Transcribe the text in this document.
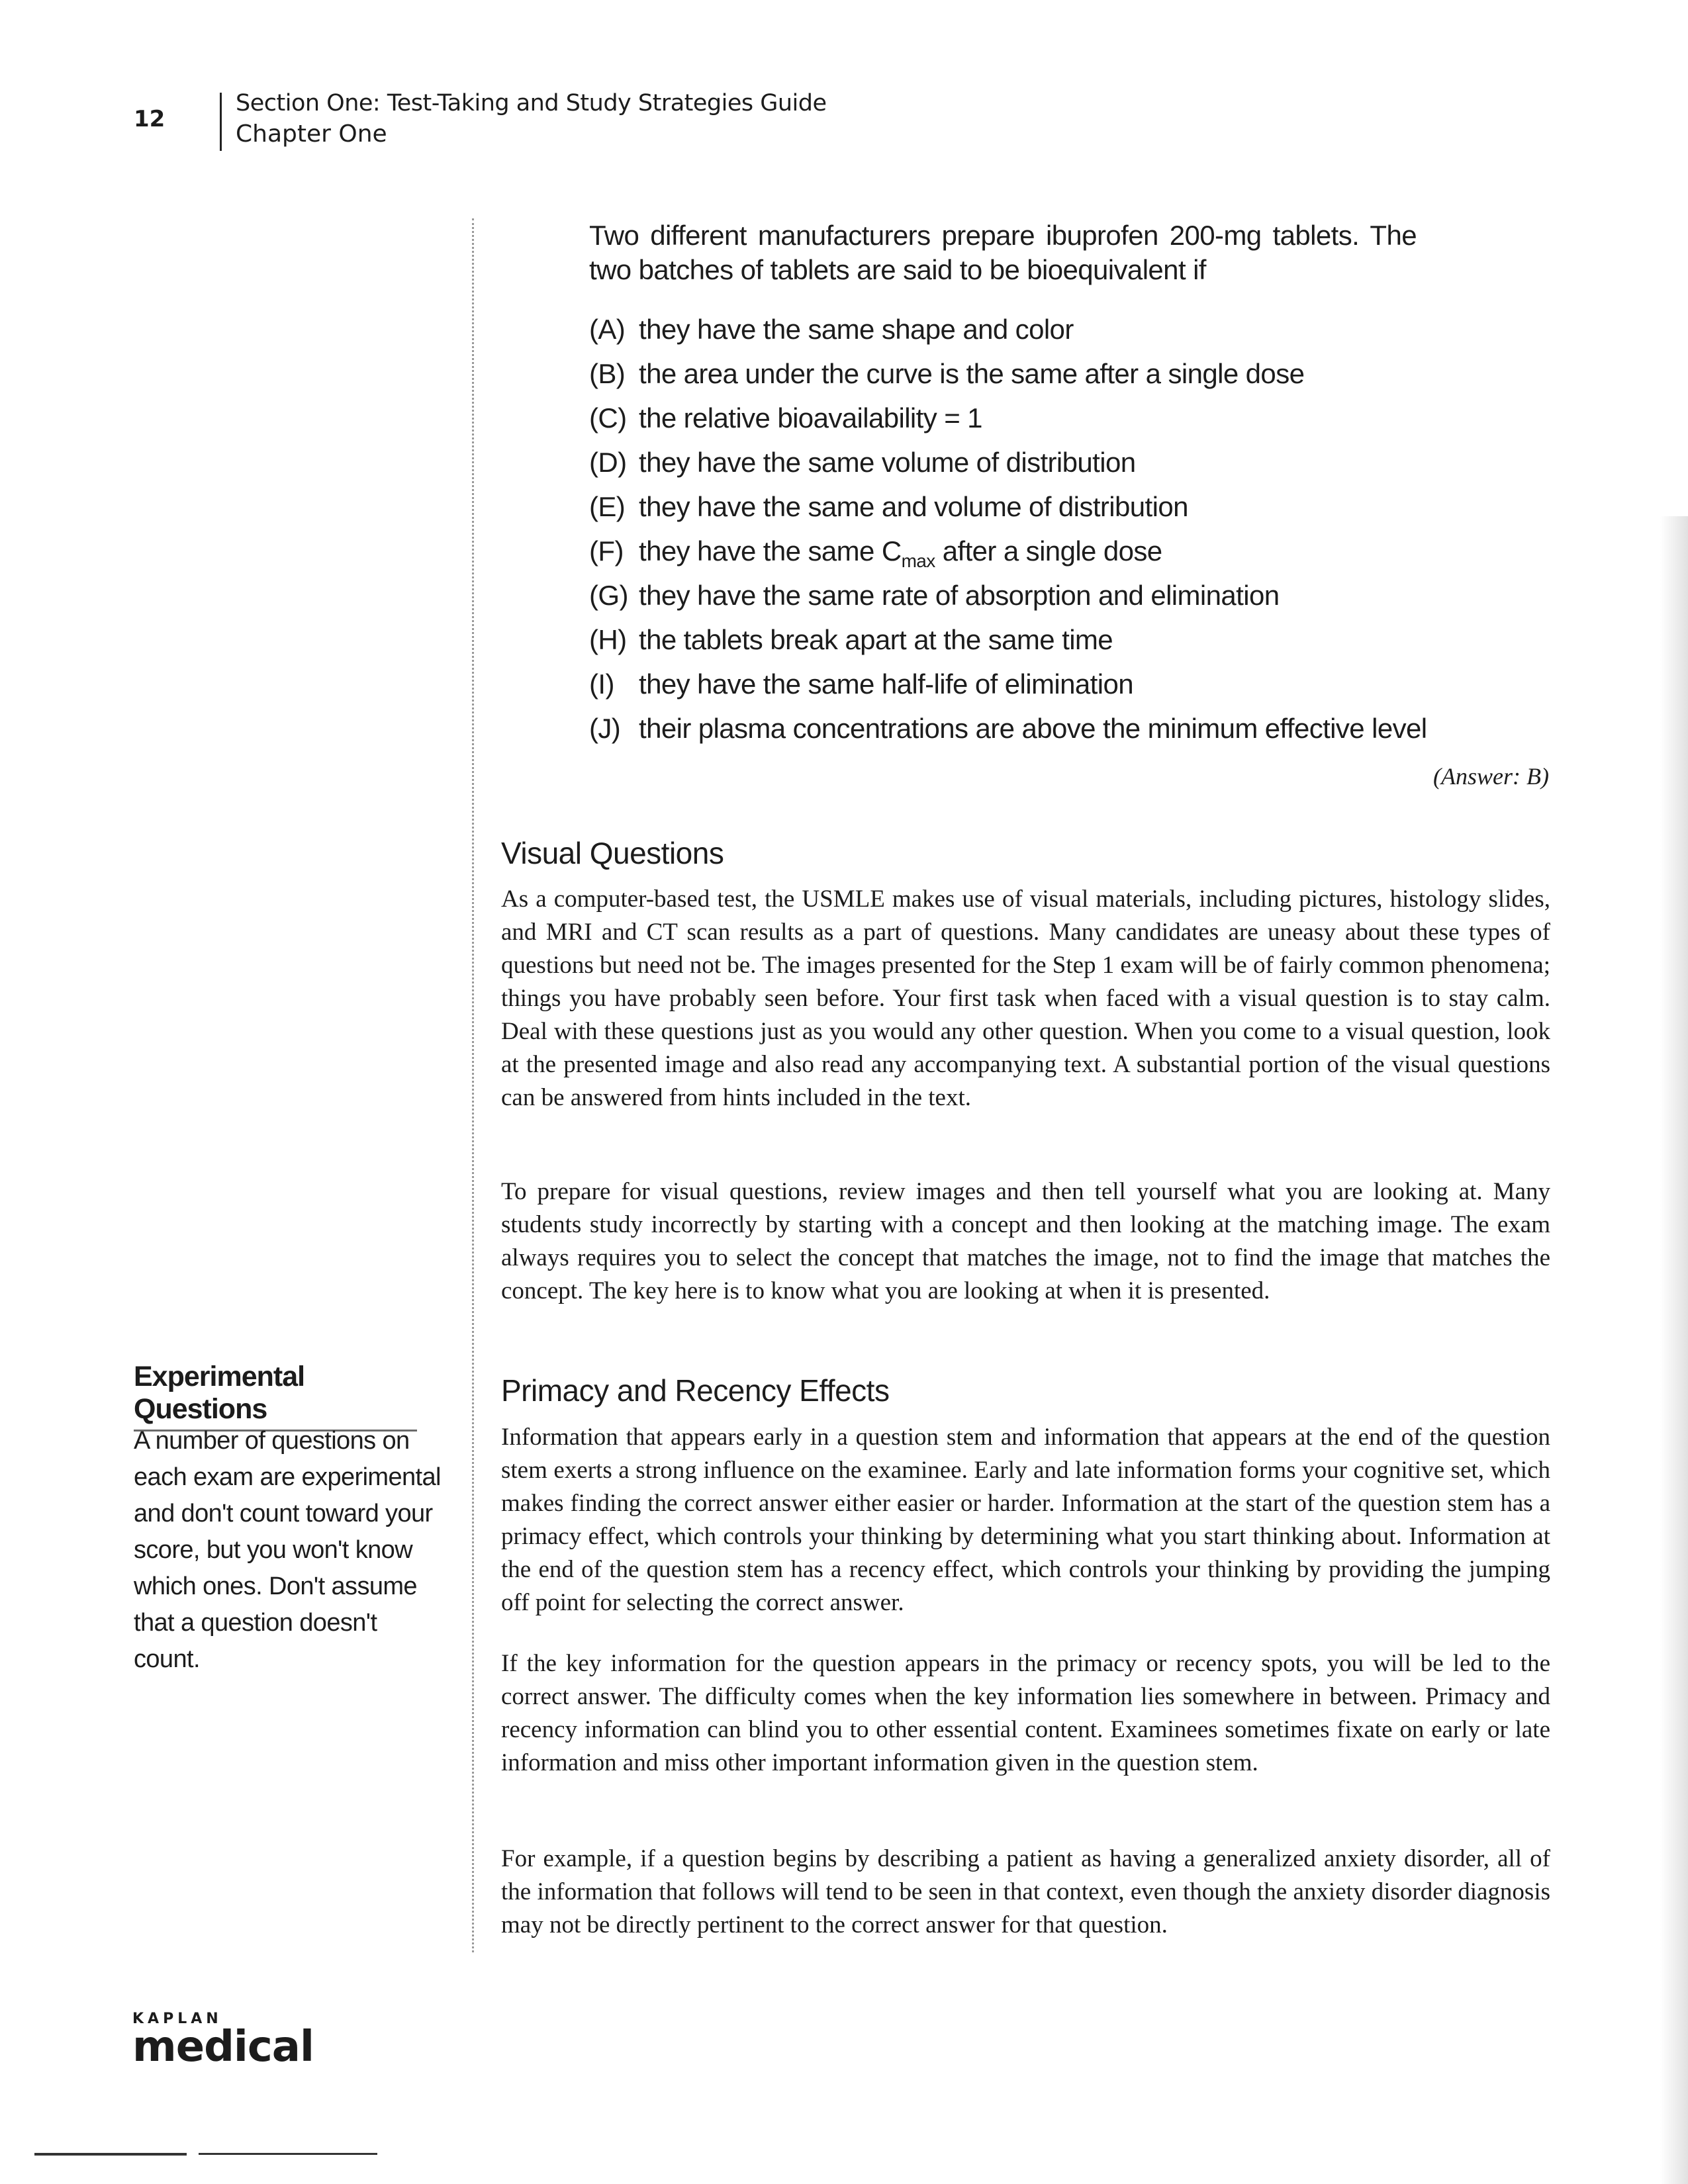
12
Section One: Test-Taking and Study Strategies Guide
Chapter One
Two different manufacturers prepare ibuprofen 200-mg tablets. The two batches of tablets are said to be bioequivalent if
(A) they have the same shape and color
(B) the area under the curve is the same after a single dose
(C) the relative bioavailability = 1
(D) they have the same volume of distribution
(E) they have the same and volume of distribution
(F) they have the same $C_{max}$ after a single dose
(G) they have the same rate of absorption and elimination
(H) the tablets break apart at the same time
(I) they have the same half-life of elimination
(J) their plasma concentrations are above the minimum effective level
(Answer: B)
Visual Questions

As a computer-based test, the USMLE makes use of visual materials, including pictures, histology slides, and MRI and CT scan results as a part of questions. Many candidates are uneasy about these types of questions but need not be. The images presented for the Step 1 exam will be of fairly common phenomena; things you have probably seen before. Your first task when faced with a visual question is to stay calm. Deal with these questions just as you would any other question. When you come to a visual question, look at the presented image and also read any accompanying text. A substantial portion of the visual questions can be answered from hints included in the text.

To prepare for visual questions, review images and then tell yourself what you are looking at. Many students study incorrectly by starting with a concept and then looking at the matching image. The exam always requires you to select the concept that matches the image, not to find the image that matches the concept. The key here is to know what you are looking at when it is presented.

Primacy and Recency Effects

Information that appears early in a question stem and information that appears at the end of the question stem exerts a strong influence on the examinee. Early and late information forms your cognitive set, which makes finding the correct answer either easier or harder. Information at the start of the question stem has a primacy effect, which controls your thinking by determining what you start thinking about. Information at the end of the question stem has a recency effect, which controls your thinking by providing the jumping off point for selecting the correct answer.

If the key information for the question appears in the primacy or recency spots, you will be led to the correct answer. The difficulty comes when the key information lies somewhere in between. Primacy and recency information can blind you to other essential content. Examinees sometimes fixate on early or late information and miss other important information given in the question stem.

For example, if a question begins by describing a patient as having a generalized anxiety disorder, all of the information that follows will tend to be seen in that context, even though the anxiety disorder diagnosis may not be directly pertinent to the correct answer for that question.

Experimental Questions

A number of questions on each exam are experimental and don't count toward your score, but you won't know which ones. Don't assume that a question doesn't count.

KAPLAN
medical
